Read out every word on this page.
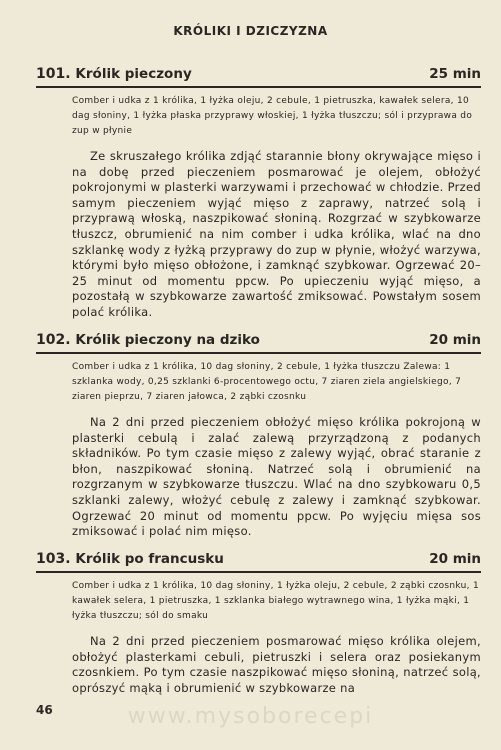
KRÓLIKI I DZICZYZNA
101. Królik pieczony	25 min
Comber i udka z 1 królika, 1 łyżka oleju, 2 cebule, 1 pietruszka, kawałek selera, 10 dag słoniny, 1 łyżka płaska przyprawy włoskiej, 1 łyżka tłuszczu; sól i przyprawa do zup w płynie
Ze skruszałego królika zdjąć starannie błony okrywające mięso i na dobę przed pieczeniem posmarować je olejem, obłożyć pokrojonymi w plasterki warzywami i przechować w chłodzie. Przed samym pieczeniem wyjąć mięso z zaprawy, natrzeć solą i przyprawą włoską, naszpikować słoniną. Rozgrzać w szybkowarze tłuszcz, obrumienić na nim comber i udka królika, wlać na dno szklankę wody z łyżką przyprawy do zup w płynie, włożyć warzywa, którymi było mięso obłożone, i zamknąć szybkowar. Ogrzewać 20–25 minut od momentu ppcw. Po upieczeniu wyjąć mięso, a pozostałą w szybkowarze zawartość zmiksować. Powstałym sosem polać królika.
102. Królik pieczony na dziko	20 min
Comber i udka z 1 królika, 10 dag słoniny, 2 cebule, 1 łyżka tłuszczu Zalewa: 1 szklanka wody, 0,25 szklanki 6-procentowego octu, 7 ziaren ziela angielskiego, 7 ziaren pieprzu, 7 ziaren jałowca, 2 ząbki czosnku
Na 2 dni przed pieczeniem obłożyć mięso królika pokrojoną w plasterki cebulą i zalać zalewą przyrządzoną z podanych składników. Po tym czasie mięso z zalewy wyjąć, obrać staranie z błon, naszpikować słoniną. Natrzeć solą i obrumienić na rozgrzanym w szybkowarze tłuszczu. Wlać na dno szybkowaru 0,5 szklanki zalewy, włożyć cebulę z zalewy i zamknąć szybkowar. Ogrzewać 20 minut od momentu ppcw. Po wyjęciu mięsa sos zmiksować i polać nim mięso.
103. Królik po francusku	20 min
Comber i udka z 1 królika, 10 dag słoniny, 1 łyżka oleju, 2 cebule, 2 ząbki czosnku, 1 kawałek selera, 1 pietruszka, 1 szklanka białego wytrawnego wina, 1 łyżka mąki, 1 łyżka tłuszczu; sól do smaku
Na 2 dni przed pieczeniem posmarować mięso królika olejem, obłożyć plasterkami cebuli, pietruszki i selera oraz posiekanym czosnkiem. Po tym czasie naszpikować mięso słoniną, natrzeć solą, oprószyć mąką i obrumienić w szybkowarze na
www.mysoborecepi
46
